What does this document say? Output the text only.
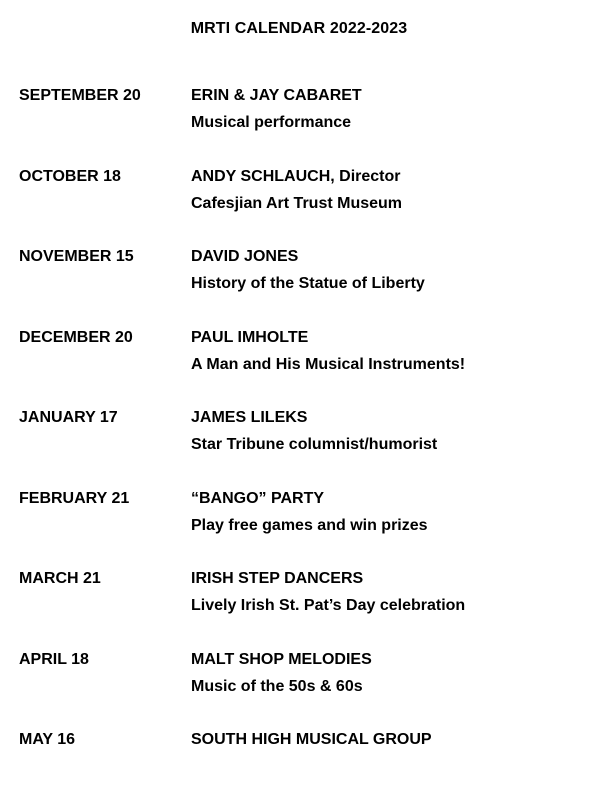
MRTI CALENDAR 2022-2023
SEPTEMBER 20	ERIN & JAY CABARET
Musical performance
OCTOBER 18	ANDY SCHLAUCH, Director
Cafesjian Art Trust Museum
NOVEMBER 15	DAVID JONES
History of the Statue of Liberty
DECEMBER 20	PAUL IMHOLTE
A Man and His Musical Instruments!
JANUARY 17	JAMES LILEKS
Star Tribune columnist/humorist
FEBRUARY 21	“BANGO” PARTY
Play free games and win prizes
MARCH 21	IRISH STEP DANCERS
Lively Irish St. Pat’s Day celebration
APRIL 18	MALT SHOP MELODIES
Music of the 50s & 60s
MAY 16	SOUTH HIGH MUSICAL GROUP
